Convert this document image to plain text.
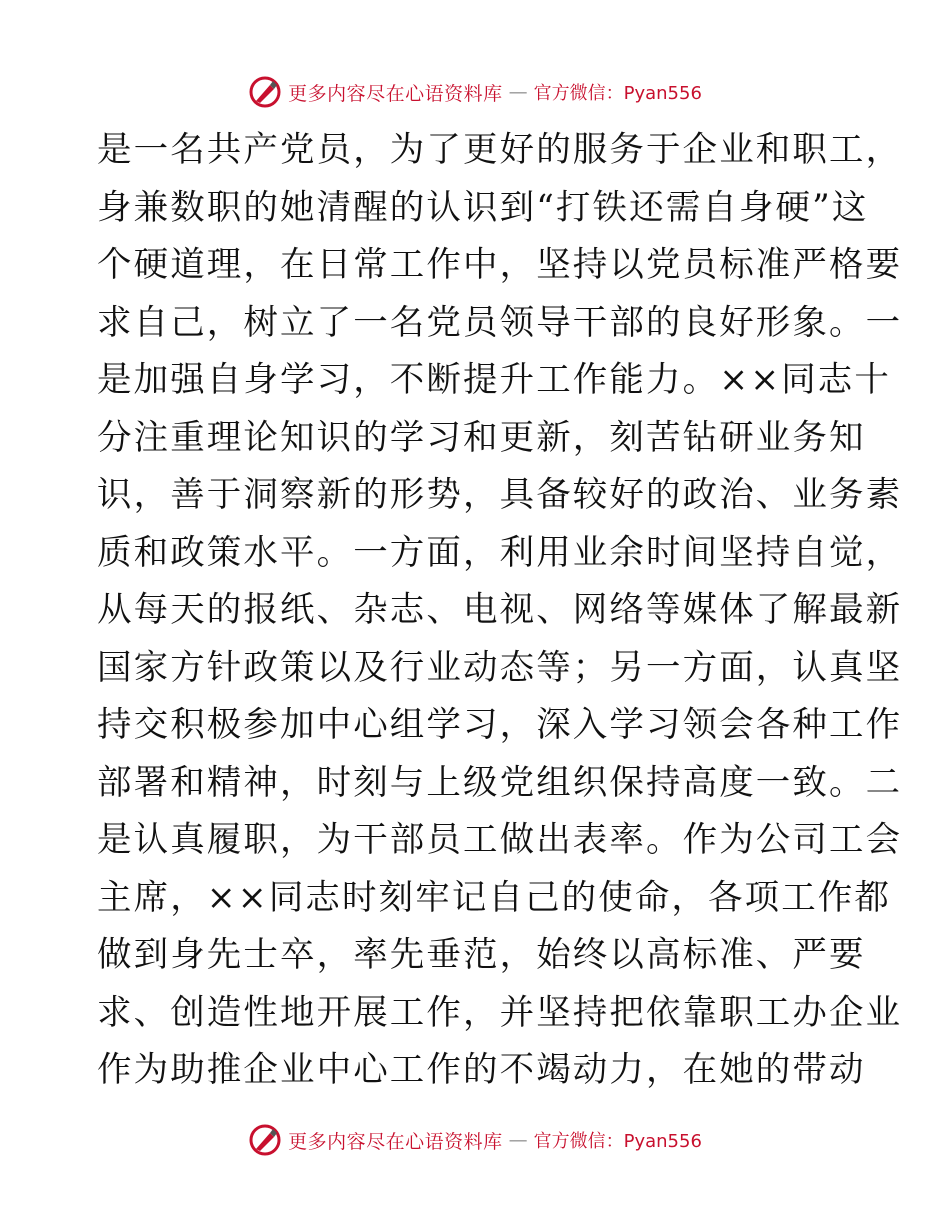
更多内容尽在心语资料库 — 官方微信：Pyan556
是一名共产党员，为了更好的服务于企业和职工，
身兼数职的她清醒的认识到“打铁还需自身硬”这
个硬道理，在日常工作中，坚持以党员标准严格要
求自己，树立了一名党员领导干部的良好形象。一
是加强自身学习，不断提升工作能力。××同志十
分注重理论知识的学习和更新，刻苦钻研业务知
识，善于洞察新的形势，具备较好的政治、业务素
质和政策水平。一方面，利用业余时间坚持自觉，
从每天的报纸、杂志、电视、网络等媒体了解最新
国家方针政策以及行业动态等；另一方面，认真坚
持交积极参加中心组学习，深入学习领会各种工作
部署和精神，时刻与上级党组织保持高度一致。二
是认真履职，为干部员工做出表率。作为公司工会
主席，××同志时刻牢记自己的使命，各项工作都
做到身先士卒，率先垂范，始终以高标准、严要
求、创造性地开展工作，并坚持把依靠职工办企业
作为助推企业中心工作的不竭动力，在她的带动
更多内容尽在心语资料库 — 官方微信：Pyan556
